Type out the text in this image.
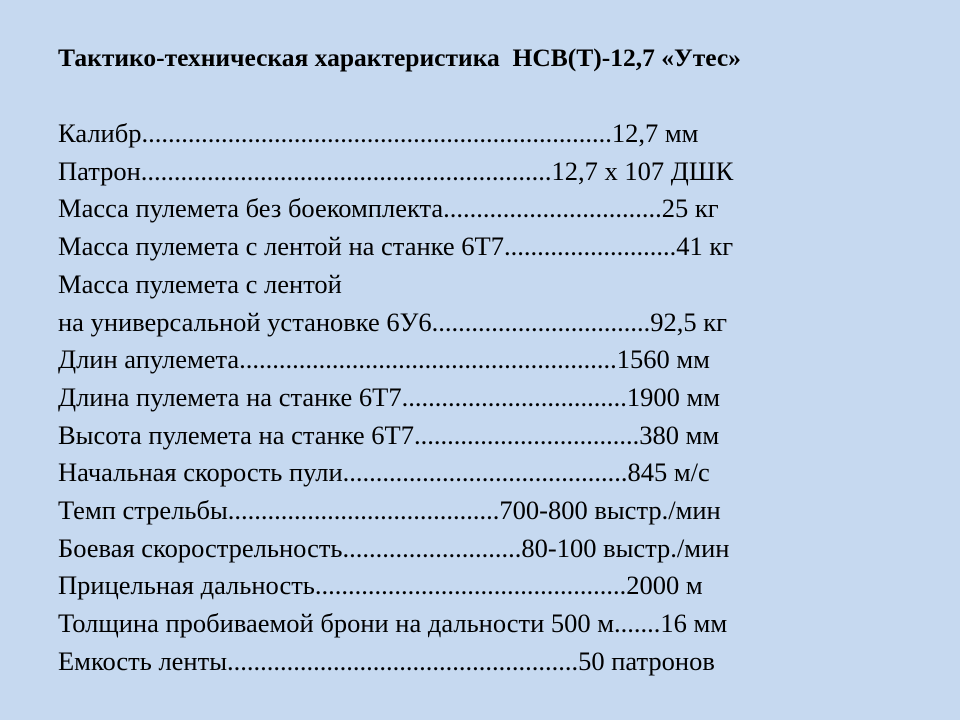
Тактико-техническая характеристика  НСВ(Т)-12,7 «Утес»
Калибр.......................................................................12,7 мм
Патрон..............................................................12,7 х 107 ДШК
Масса пулемета без боекомплекта.................................25 кг
Масса пулемета с лентой на станке 6Т7..........................41 кг
Масса пулемета с лентой
на универсальной установке 6У6.................................92,5 кг
Длин апулемета.........................................................1560 мм
Длина пулемета на станке 6Т7..................................1900 мм
Высота пулемета на станке 6Т7..................................380 мм
Начальная скорость пули...........................................845 м/с
Темп стрельбы.........................................700-800 выстр./мин
Боевая скорострельность...........................80-100 выстр./мин
Прицельная дальность...............................................2000 м
Толщина пробиваемой брони на дальности 500 м.......16 мм
Емкость ленты.....................................................50 патронов
